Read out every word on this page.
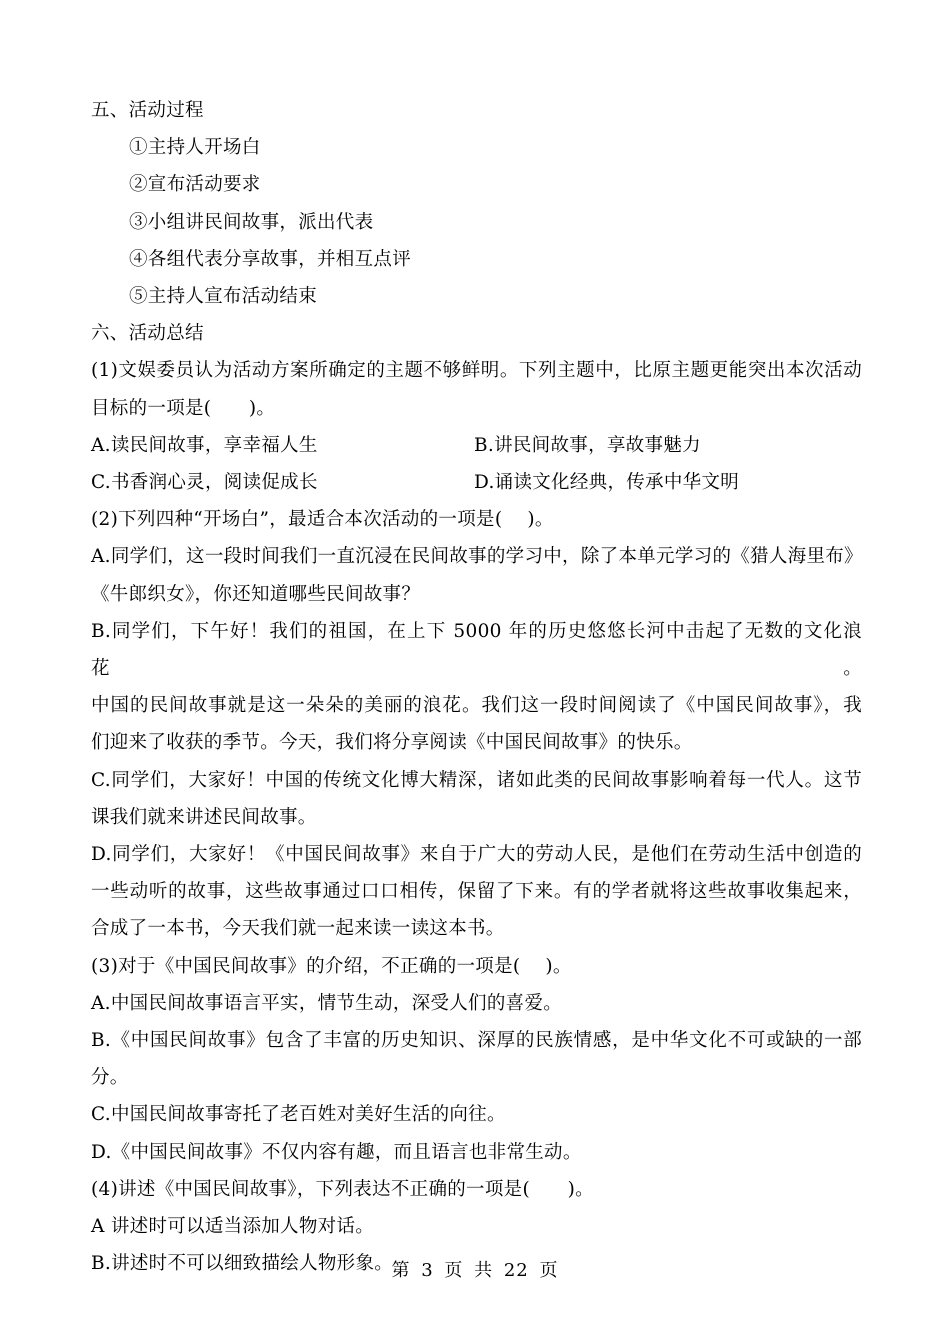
五、活动过程
①主持人开场白
②宣布活动要求
③小组讲民间故事，派出代表
④各组代表分享故事，并相互点评
⑤主持人宣布活动结束
六、活动总结
(1)文娱委员认为活动方案所确定的主题不够鲜明。下列主题中，比原主题更能突出本次活动
目标的一项是(　　)。
A.读民间故事，享幸福人生	B.讲民间故事，享故事魅力
C.书香润心灵，阅读促成长	D.诵读文化经典，传承中华文明
(2)下列四种“开场白”，最适合本次活动的一项是(　 )。
A.同学们，这一段时间我们一直沉浸在民间故事的学习中，除了本单元学习的《猎人海里布》
《牛郎织女》，你还知道哪些民间故事？
B.同学们，下午好！我们的祖国，在上下 5000 年的历史悠悠长河中击起了无数的文化浪花。
中国的民间故事就是这一朵朵的美丽的浪花。我们这一段时间阅读了《中国民间故事》，我
们迎来了收获的季节。今天，我们将分享阅读《中国民间故事》的快乐。
C.同学们，大家好！中国的传统文化博大精深，诸如此类的民间故事影响着每一代人。这节
课我们就来讲述民间故事。
D.同学们，大家好！《中国民间故事》来自于广大的劳动人民，是他们在劳动生活中创造的
一些动听的故事，这些故事通过口口相传，保留了下来。有的学者就将这些故事收集起来，
合成了一本书，今天我们就一起来读一读这本书。
(3)对于《中国民间故事》的介绍，不正确的一项是(　 )。
A.中国民间故事语言平实，情节生动，深受人们的喜爱。
B.《中国民间故事》包含了丰富的历史知识、深厚的民族情感，是中华文化不可或缺的一部
分。
C.中国民间故事寄托了老百姓对美好生活的向往。
D.《中国民间故事》不仅内容有趣，而且语言也非常生动。
(4)讲述《中国民间故事》，下列表达不正确的一项是(　　)。
A 讲述时可以适当添加人物对话。
B.讲述时不可以细致描绘人物形象。
第 3 页 共 22 页
